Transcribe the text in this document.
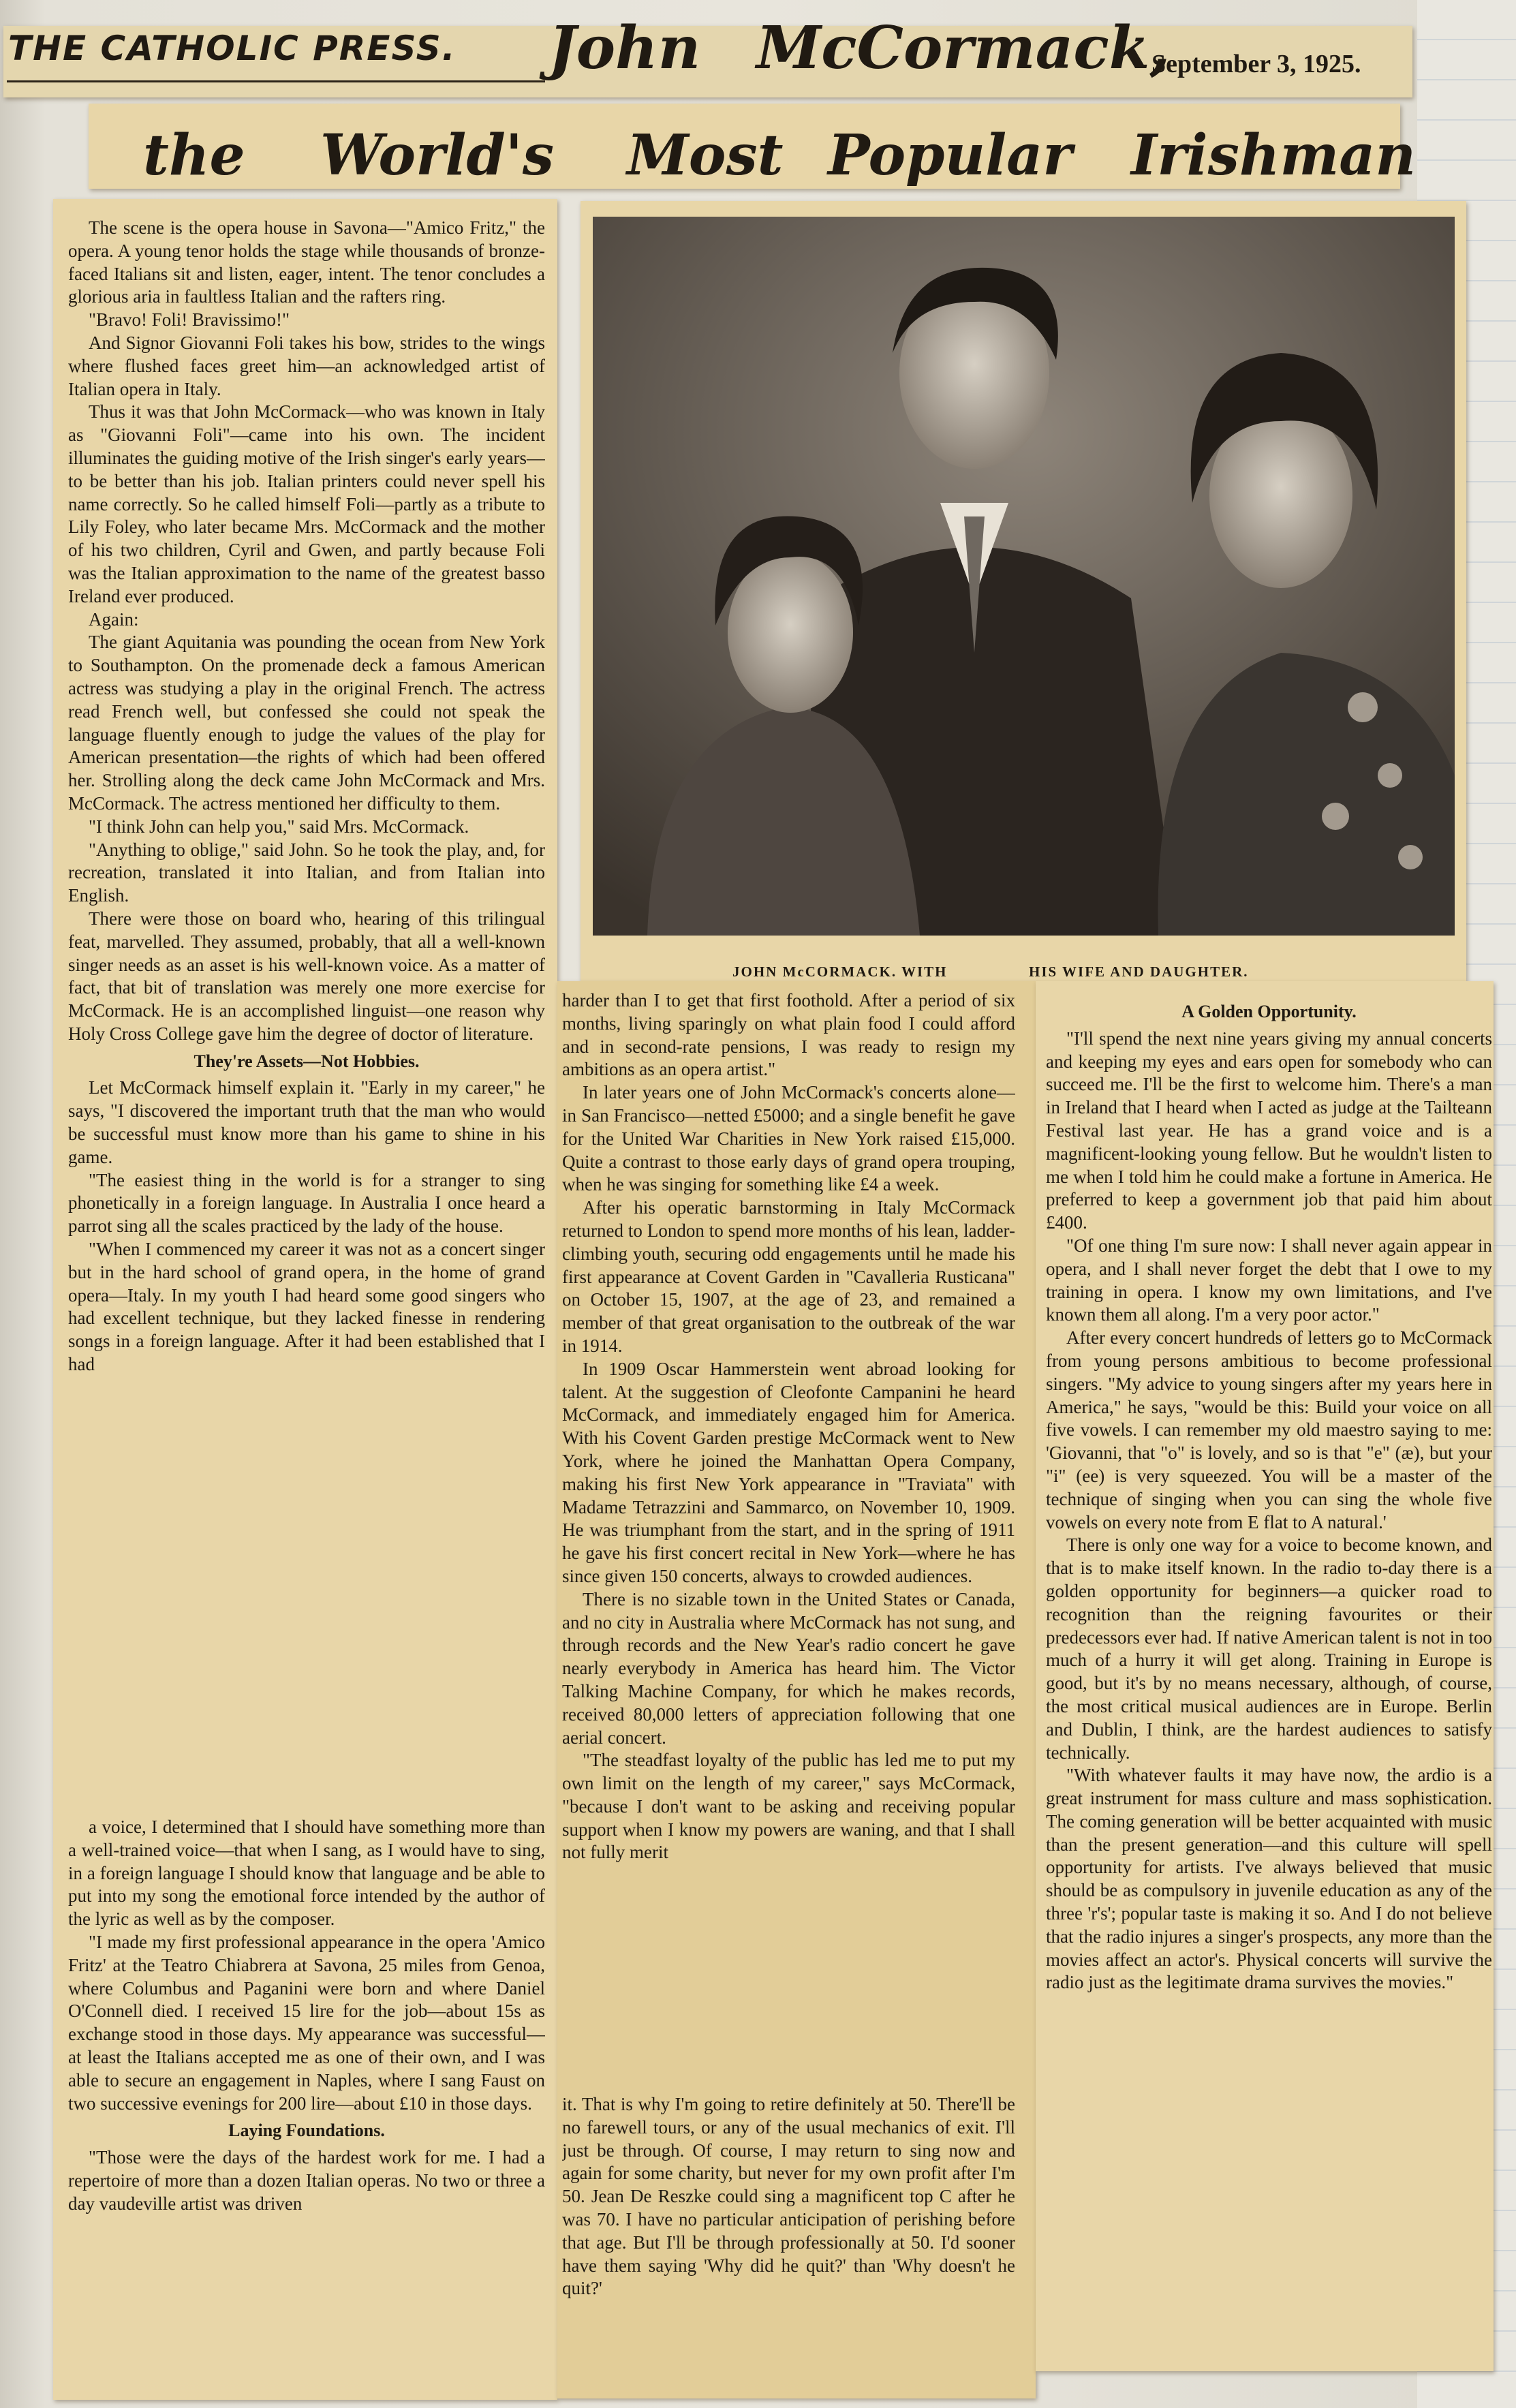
THE CATHOLIC PRESS. John McCormack,
September 3, 1925.
the World's Most Popular Irishman

The scene is the opera house in Savona—"Amico Fritz," the opera. A young tenor holds the stage while thousands of bronze-faced Italians sit and listen, eager, intent. The tenor concludes a glorious aria in faultless Italian and the rafters ring.

"Bravo! Foli! Bravissimo!"

And Signor Giovanni Foli takes his bow, strides to the wings where flushed faces greet him—an acknowledged artist of Italian opera in Italy.

Thus it was that John McCormack—who was known in Italy as "Giovanni Foli"—came into his own. The incident illuminates the guiding motive of the Irish singer's early years—to be better than his job. Italian printers could never spell his name correctly. So he called himself Foli—partly as a tribute to Lily Foley, who later became Mrs. McCormack and the mother of his two children, Cyril and Gwen, and partly because Foli was the Italian approximation to the name of the greatest basso Ireland ever produced.

Again:

The giant Aquitania was pounding the ocean from New York to Southampton. On the promenade deck a famous American actress was studying a play in the original French. The actress read French well, but confessed she could not speak the language fluently enough to judge the values of the play for American presentation—the rights of which had been offered her. Strolling along the deck came John McCormack and Mrs. McCormack. The actress mentioned her difficulty to them.

"I think John can help you," said Mrs. McCormack.

"Anything to oblige," said John. So he took the play, and, for recreation, translated it into Italian, and from Italian into English.

There were those on board who, hearing of this trilingual feat, marvelled. They assumed, probably, that all a well-known singer needs as an asset is his well-known voice. As a matter of fact, that bit of translation was merely one more exercise for McCormack. He is an accomplished linguist—one reason why Holy Cross College gave him the degree of doctor of literature.

They're Assets—Not Hobbies.

Let McCormack himself explain it. "Early in my career," he says, "I discovered the important truth that the man who would be successful must know more than his game to shine in his game.

"The easiest thing in the world is for a stranger to sing phonetically in a foreign language. In Australia I once heard a parrot sing all the scales practiced by the lady of the house.

"When I commenced my career it was not as a concert singer but in the hard school of grand opera, in the home of grand opera—Italy. In my youth I had heard some good singers who had excellent technique, but they lacked finesse in rendering songs in a foreign language. After it had been established that I had

a voice, I determined that I should have something more than a well-trained voice—that when I sang, as I would have to sing, in a foreign language I should know that language and be able to put into my song the emotional force intended by the author of the lyric as well as by the composer.

"I made my first professional appearance in the opera 'Amico Fritz' at the Teatro Chiabrera at Savona, 25 miles from Genoa, where Columbus and Paganini were born and where Daniel O'Connell died. I received 15 lire for the job—about 15s as exchange stood in those days. My appearance was successful—at least the Italians accepted me as one of their own, and I was able to secure an engagement in Naples, where I sang Faust on two successive evenings for 200 lire—about £10 in those days.

Laying Foundations.

"Those were the days of the hardest work for me. I had a repertoire of more than a dozen Italian operas. No two or three a day vaudeville artist was driven

JOHN McCORMACK. WITH	HIS WIFE AND DAUGHTER.

harder than I to get that first foothold. After a period of six months, living sparingly on what plain food I could afford and in second-rate pensions, I was ready to resign my ambitions as an opera artist."

In later years one of John McCormack's concerts alone—in San Francisco—netted £5000; and a single benefit he gave for the United War Charities in New York raised £15,000. Quite a contrast to those early days of grand opera trouping, when he was singing for something like £4 a week.

After his operatic barnstorming in Italy McCormack returned to London to spend more months of his lean, ladder-climbing youth, securing odd engagements until he made his first appearance at Covent Garden in "Cavalleria Rusticana" on October 15, 1907, at the age of 23, and remained a member of that great organisation to the outbreak of the war in 1914.

In 1909 Oscar Hammerstein went abroad looking for talent. At the suggestion of Cleofonte Campanini he heard McCormack, and immediately engaged him for America. With his Covent Garden prestige McCormack went to New York, where he joined the Manhattan Opera Company, making his first New York appearance in "Traviata" with Madame Tetrazzini and Sammarco, on November 10, 1909. He was triumphant from the start, and in the spring of 1911 he gave his first concert recital in New York—where he has since given 150 concerts, always to crowded audiences.

There is no sizable town in the United States or Canada, and no city in Australia where McCormack has not sung, and through records and the New Year's radio concert he gave nearly everybody in America has heard him. The Victor Talking Machine Company, for which he makes records, received 80,000 letters of appreciation following that one aerial concert.

"The steadfast loyalty of the public has led me to put my own limit on the length of my career," says McCormack, "because I don't want to be asking and receiving popular support when I know my powers are waning, and that I shall not fully merit

it. That is why I'm going to retire definitely at 50. There'll be no farewell tours, or any of the usual mechanics of exit. I'll just be through. Of course, I may return to sing now and again for some charity, but never for my own profit after I'm 50. Jean De Reszke could sing a magnificent top C after he was 70. I have no particular anticipation of perishing before that age. But I'll be through professionally at 50. I'd sooner have them saying 'Why did he quit?' than 'Why doesn't he quit?'

A Golden Opportunity.

"I'll spend the next nine years giving my annual concerts and keeping my eyes and ears open for somebody who can succeed me. I'll be the first to welcome him. There's a man in Ireland that I heard when I acted as judge at the Tailteann Festival last year. He has a grand voice and is a magnificent-looking young fellow. But he wouldn't listen to me when I told him he could make a fortune in America. He preferred to keep a government job that paid him about £400.

"Of one thing I'm sure now: I shall never again appear in opera, and I shall never forget the debt that I owe to my training in opera. I know my own limitations, and I've known them all along. I'm a very poor actor."

After every concert hundreds of letters go to McCormack from young persons ambitious to become professional singers. "My advice to young singers after my years here in America," he says, "would be this: Build your voice on all five vowels. I can remember my old maestro saying to me: 'Giovanni, that "o" is lovely, and so is that "e" (æ), but your "i" (ee) is very squeezed. You will be a master of the technique of singing when you can sing the whole five vowels on every note from E flat to A natural.'

There is only one way for a voice to become known, and that is to make itself known. In the radio to-day there is a golden opportunity for beginners—a quicker road to recognition than the reigning favourites or their predecessors ever had. If native American talent is not in too much of a hurry it will get along. Training in Europe is good, but it's by no means necessary, although, of course, the most critical musical audiences are in Europe. Berlin and Dublin, I think, are the hardest audiences to satisfy technically.

"With whatever faults it may have now, the ardio is a great instrument for mass culture and mass sophistication. The coming generation will be better acquainted with music than the present generation—and this culture will spell opportunity for artists. I've always believed that music should be as compulsory in juvenile education as any of the three 'r's'; popular taste is making it so. And I do not believe that the radio injures a singer's prospects, any more than the movies affect an actor's. Physical concerts will survive the radio just as the legitimate drama survives the movies."
